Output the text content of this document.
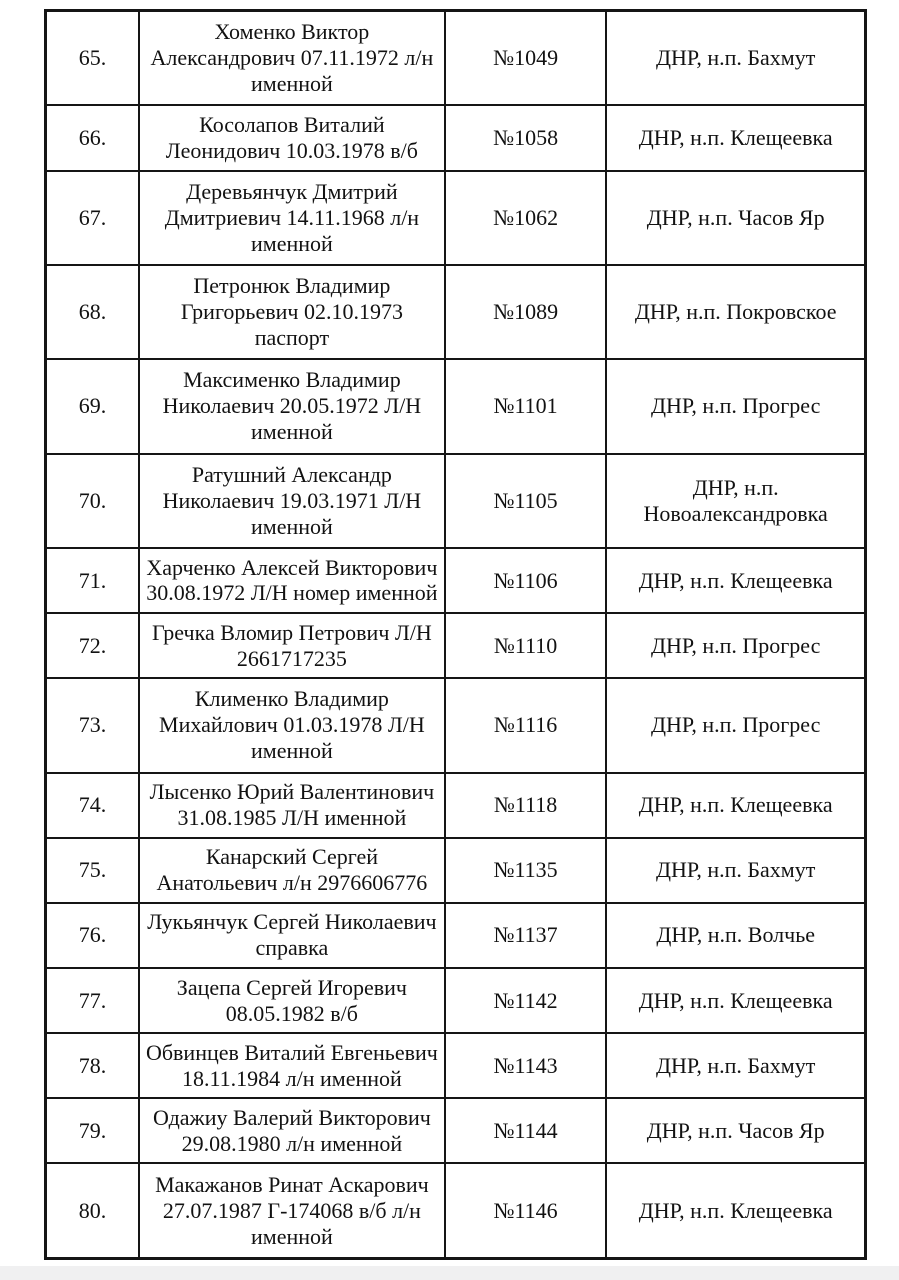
65.	Хоменко Виктор Александрович 07.11.1972 л/н именной	№1049	ДНР, н.п. Бахмут
66.	Косолапов Виталий Леонидович 10.03.1978 в/б	№1058	ДНР, н.п. Клещеевка
67.	Деревьянчук Дмитрий Дмитриевич 14.11.1968 л/н именной	№1062	ДНР, н.п. Часов Яр
68.	Петронюк Владимир Григорьевич 02.10.1973 паспорт	№1089	ДНР, н.п. Покровское
69.	Максименко Владимир Николаевич 20.05.1972 Л/Н именной	№1101	ДНР, н.п. Прогрес
70.	Ратушний Александр Николаевич 19.03.1971 Л/Н именной	№1105	ДНР, н.п. Новоалександровка
71.	Харченко Алексей Викторович 30.08.1972 Л/Н номер именной	№1106	ДНР, н.п. Клещеевка
72.	Гречка Вломир Петрович Л/Н 2661717235	№1110	ДНР, н.п. Прогрес
73.	Клименко Владимир Михайлович 01.03.1978 Л/Н именной	№1116	ДНР, н.п. Прогрес
74.	Лысенко Юрий Валентинович 31.08.1985 Л/Н именной	№1118	ДНР, н.п. Клещеевка
75.	Канарский Сергей Анатольевич л/н 2976606776	№1135	ДНР, н.п. Бахмут
76.	Лукьянчук Сергей Николаевич справка	№1137	ДНР, н.п. Волчье
77.	Зацепа Сергей Игоревич 08.05.1982 в/б	№1142	ДНР, н.п. Клещеевка
78.	Обвинцев Виталий Евгеньевич 18.11.1984 л/н именной	№1143	ДНР, н.п. Бахмут
79.	Одажиу Валерий Викторович 29.08.1980 л/н именной	№1144	ДНР, н.п. Часов Яр
80.	Макажанов Ринат Аскарович 27.07.1987 Г-174068 в/б л/н именной	№1146	ДНР, н.п. Клещеевка
